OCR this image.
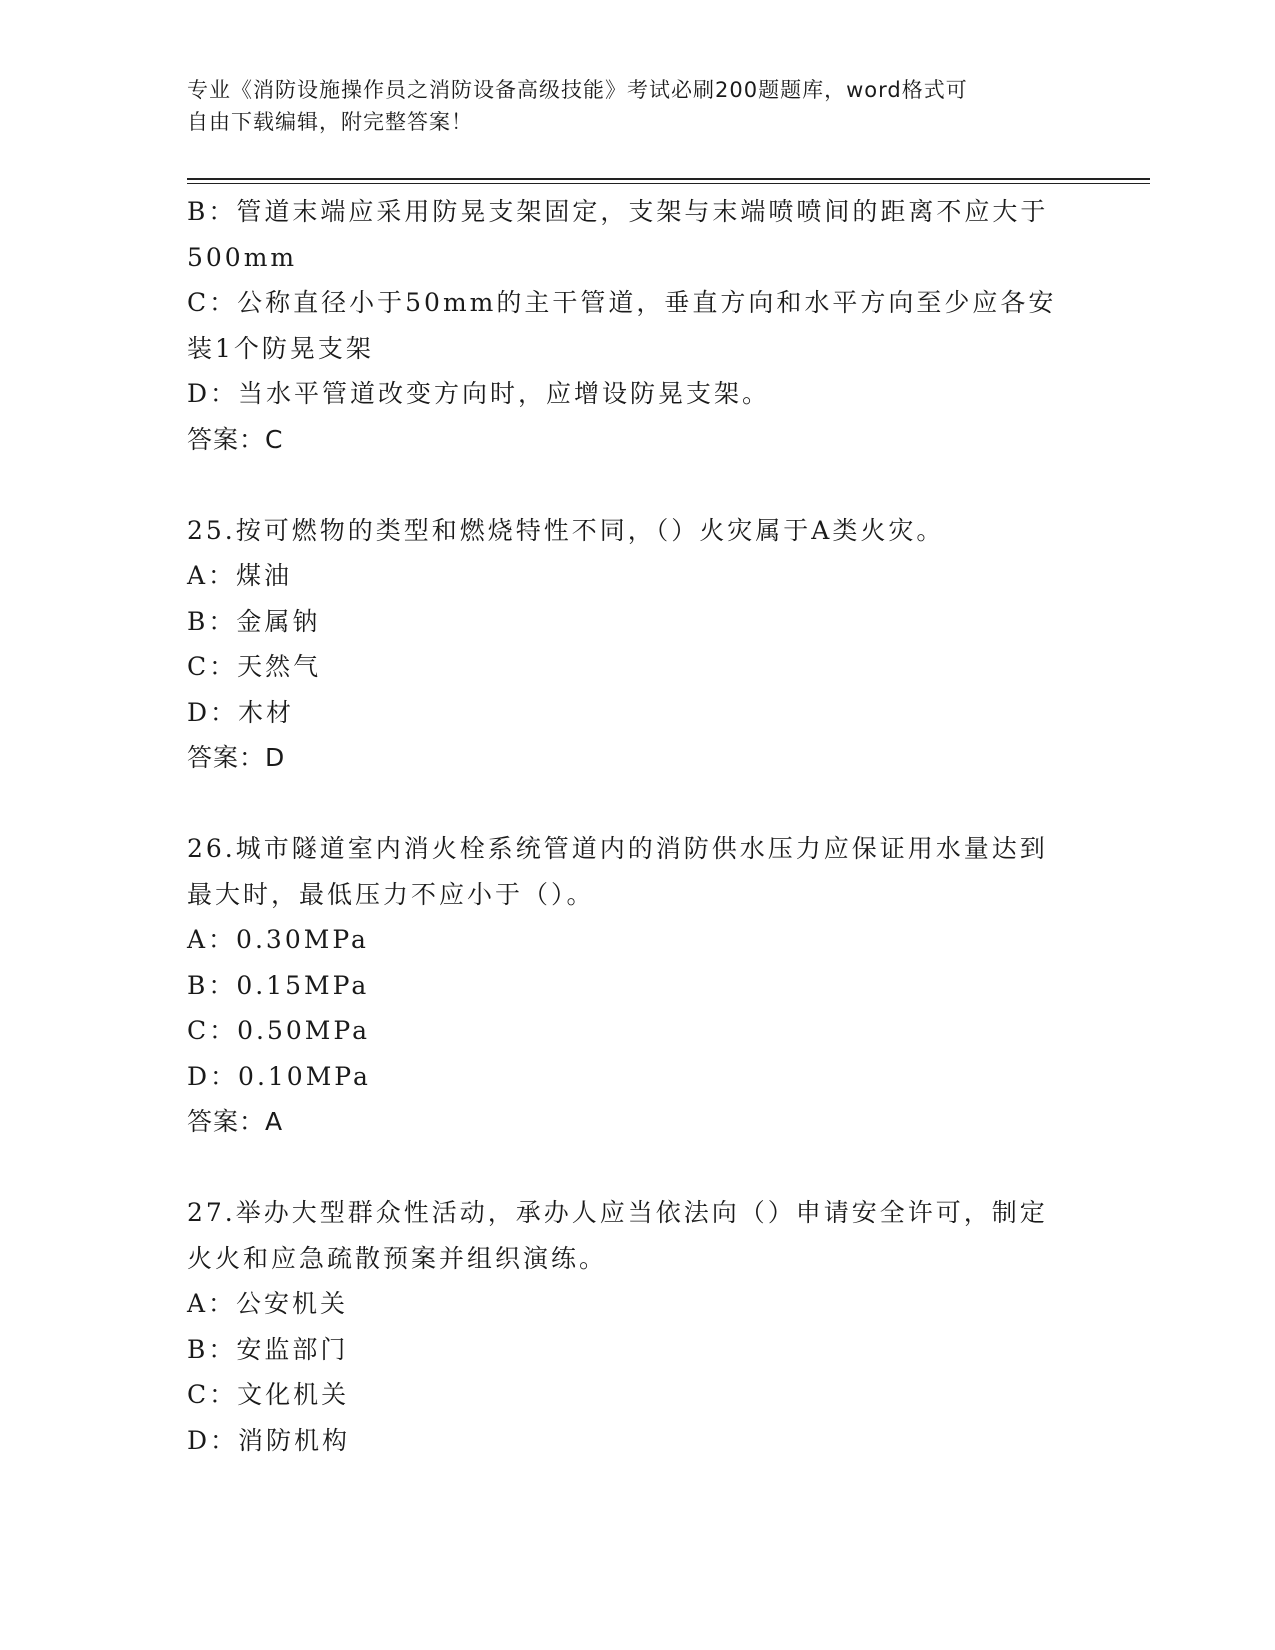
专业《消防设施操作员之消防设备高级技能》考试必刷200题题库，word格式可
自由下载编辑，附完整答案！
B：管道末端应采用防晃支架固定，支架与末端喷喷间的距离不应大于
500mm
C：公称直径小于50mm的主干管道，垂直方向和水平方向至少应各安
装1个防晃支架
D：当水平管道改变方向时，应增设防晃支架。
答案：C
25.按可燃物的类型和燃烧特性不同，（）火灾属于A类火灾。
A：煤油
B：金属钠
C：天然气
D：木材
答案：D
26.城市隧道室内消火栓系统管道内的消防供水压力应保证用水量达到
最大时，最低压力不应小于（）。
A：0.30MPa
B：0.15MPa
C：0.50MPa
D：0.10MPa
答案：A
27.举办大型群众性活动，承办人应当依法向（）申请安全许可，制定
火火和应急疏散预案并组织演练。
A：公安机关
B：安监部门
C：文化机关
D：消防机构
